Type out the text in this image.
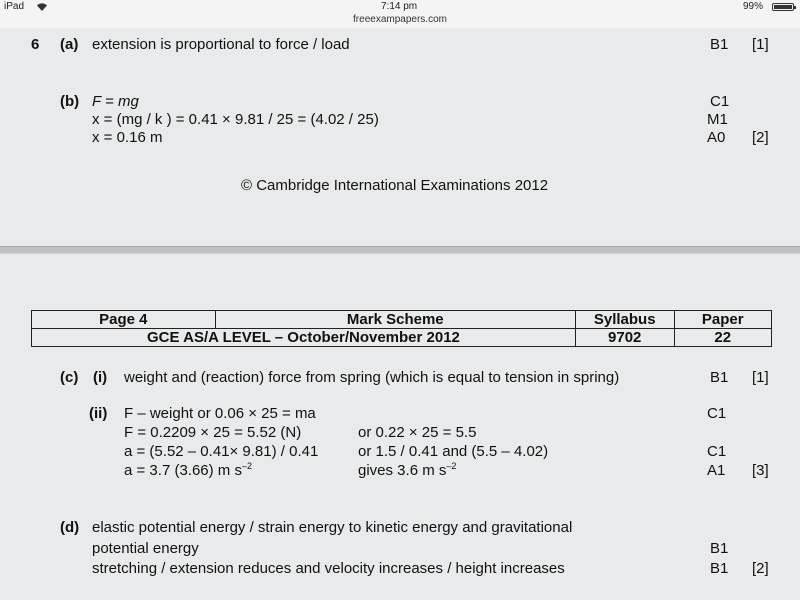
iPad	7:14 pm	99%
freeexampapers.com
6 (a) extension is proportional to force / load	B1 [1]
(b) F = mg	C1
x = (mg / k ) = 0.41 × 9.81 / 25 = (4.02 / 25)	M1
x = 0.16 m	A0 [2]
© Cambridge International Examinations 2012
Page 4	Mark Scheme	Syllabus	Paper
GCE AS/A LEVEL – October/November 2012		9702	22
(c) (i) weight and (reaction) force from spring (which is equal to tension in spring)	B1 [1]
(ii) F – weight or 0.06 × 25 = ma	C1
F = 0.2209 × 25 = 5.52 (N)	or 0.22 × 25 = 5.5
a = (5.52 – 0.41× 9.81) / 0.41	or 1.5 / 0.41 and (5.5 – 4.02)	C1
a = 3.7 (3.66) m $s^{-2}$	gives 3.6 m $s^{-2}$	A1 [3]
(d) elastic potential energy / strain energy to kinetic energy and gravitational
potential energy	B1
stretching / extension reduces and velocity increases / height increases	B1 [2]
